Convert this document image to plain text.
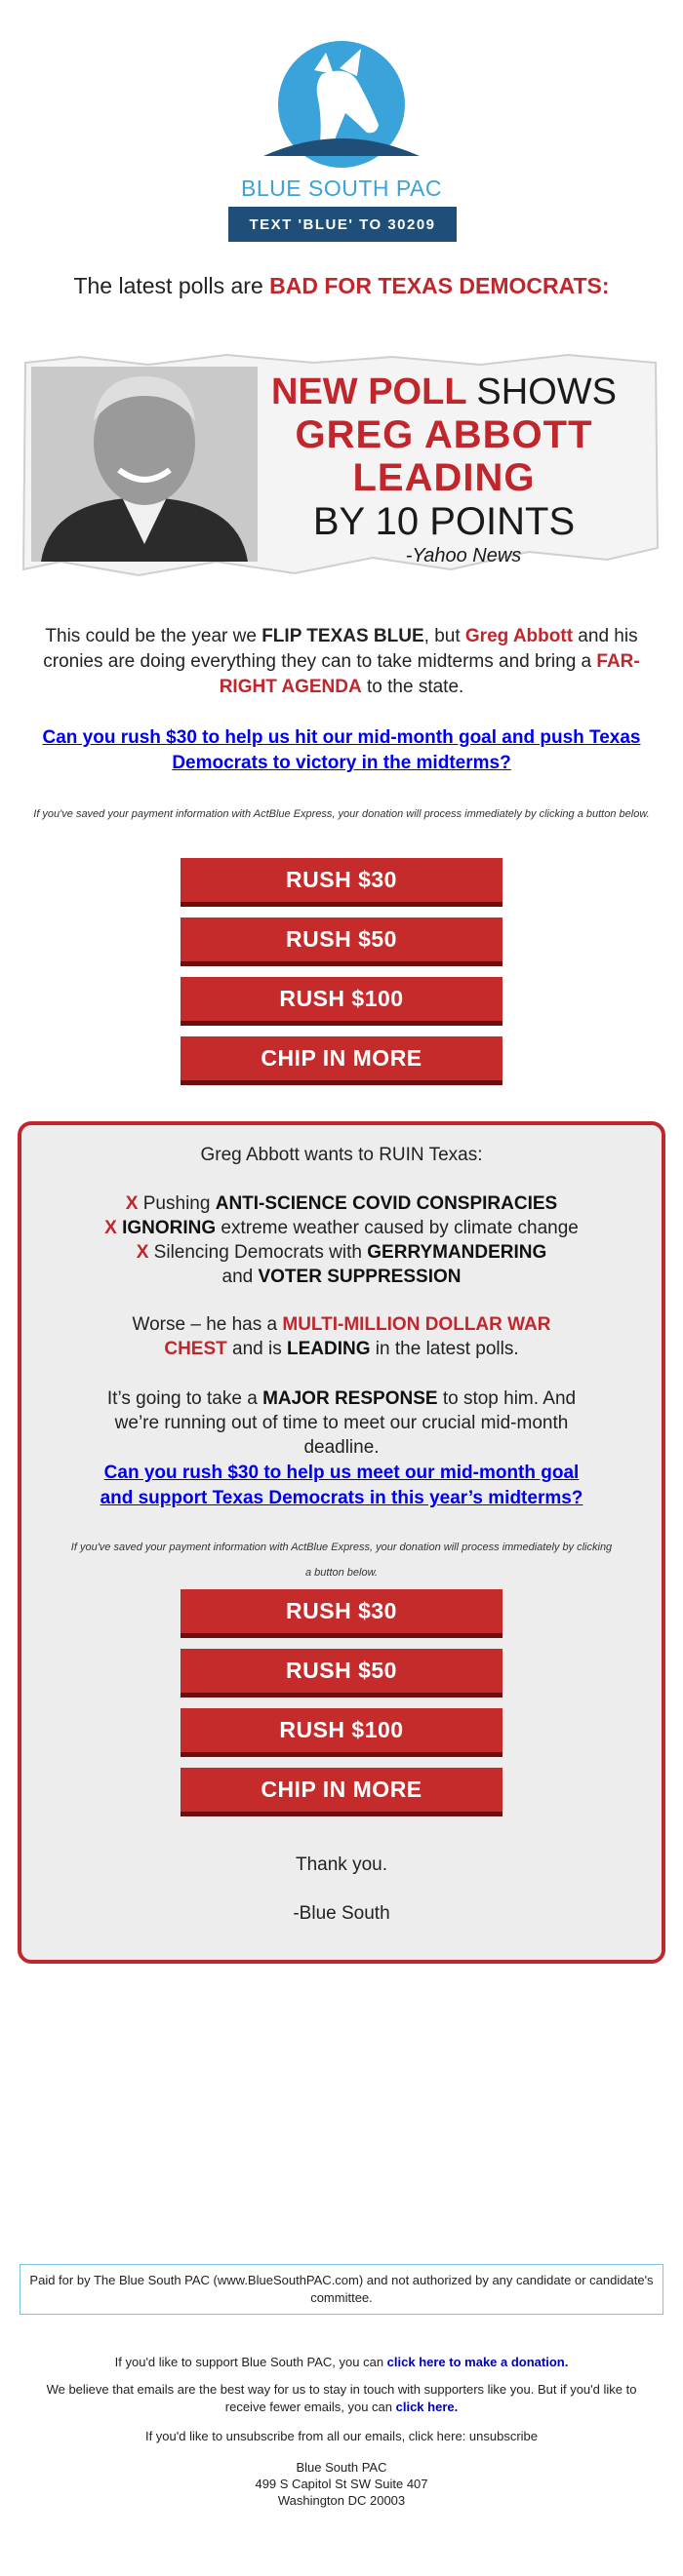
BLUE SOUTH PAC
TEXT 'BLUE' TO 30209
The latest polls are BAD FOR TEXAS DEMOCRATS:
NEW POLL SHOWS
GREG ABBOTT
LEADING
BY 10 POINTS
-Yahoo News
This could be the year we FLIP TEXAS BLUE, but Greg Abbott and his cronies are doing everything they can to take midterms and bring a FAR-RIGHT AGENDA to the state.
Can you rush $30 to help us hit our mid-month goal and push Texas Democrats to victory in the midterms?
If you've saved your payment information with ActBlue Express, your donation will process immediately by clicking a button below.
RUSH $30
RUSH $50
RUSH $100
CHIP IN MORE
Greg Abbott wants to RUIN Texas:
X Pushing ANTI-SCIENCE COVID CONSPIRACIES
X IGNORING extreme weather caused by climate change
X Silencing Democrats with GERRYMANDERING and VOTER SUPPRESSION
Worse – he has a MULTI-MILLION DOLLAR WAR CHEST and is LEADING in the latest polls.
It’s going to take a MAJOR RESPONSE to stop him. And we’re running out of time to meet our crucial mid-month deadline.
Can you rush $30 to help us meet our mid-month goal and support Texas Democrats in this year’s midterms?
If you've saved your payment information with ActBlue Express, your donation will process immediately by clicking a button below.
RUSH $30
RUSH $50
RUSH $100
CHIP IN MORE
Thank you.
-Blue South
Paid for by The Blue South PAC (www.BlueSouthPAC.com) and not authorized by any candidate or candidate's committee.
If you'd like to support Blue South PAC, you can click here to make a donation.
We believe that emails are the best way for us to stay in touch with supporters like you. But if you'd like to receive fewer emails, you can click here.
If you'd like to unsubscribe from all our emails, click here: unsubscribe
Blue South PAC
499 S Capitol St SW Suite 407
Washington DC 20003
